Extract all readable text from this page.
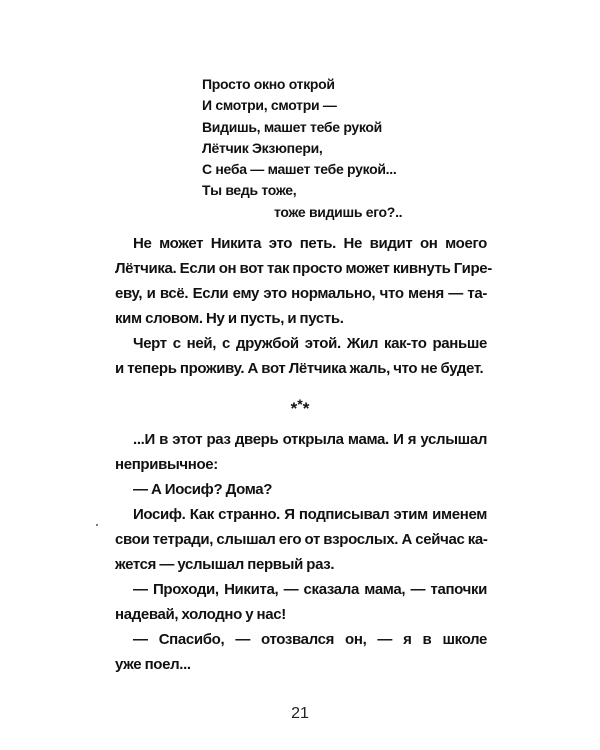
Просто окно открой
И смотри, смотри —
Видишь, машет тебе рукой
Лётчик Экзюпери,
С неба — машет тебе рукой...
Ты ведь тоже,
тоже видишь его?..
Не может Никита это петь. Не видит он моего
Лётчика. Если он вот так просто может кивнуть Гире-
еву, и всё. Если ему это нормально, что меня — та-
ким словом. Ну и пусть, и пусть.
Черт с ней, с дружбой этой. Жил как-то раньше
и теперь проживу. А вот Лётчика жаль, что не будет.
***
...И в этот раз дверь открыла мама. И я услышал
непривычное:
— А Иосиф? Дома?
Иосиф. Как странно. Я подписывал этим именем
свои тетради, слышал его от взрослых. А сейчас ка-
жется — услышал первый раз.
— Проходи, Никита, — сказала мама, — тапочки
надевай, холодно у нас!
— Спасибо, — отозвался он, — я в школе
уже поел...
21
